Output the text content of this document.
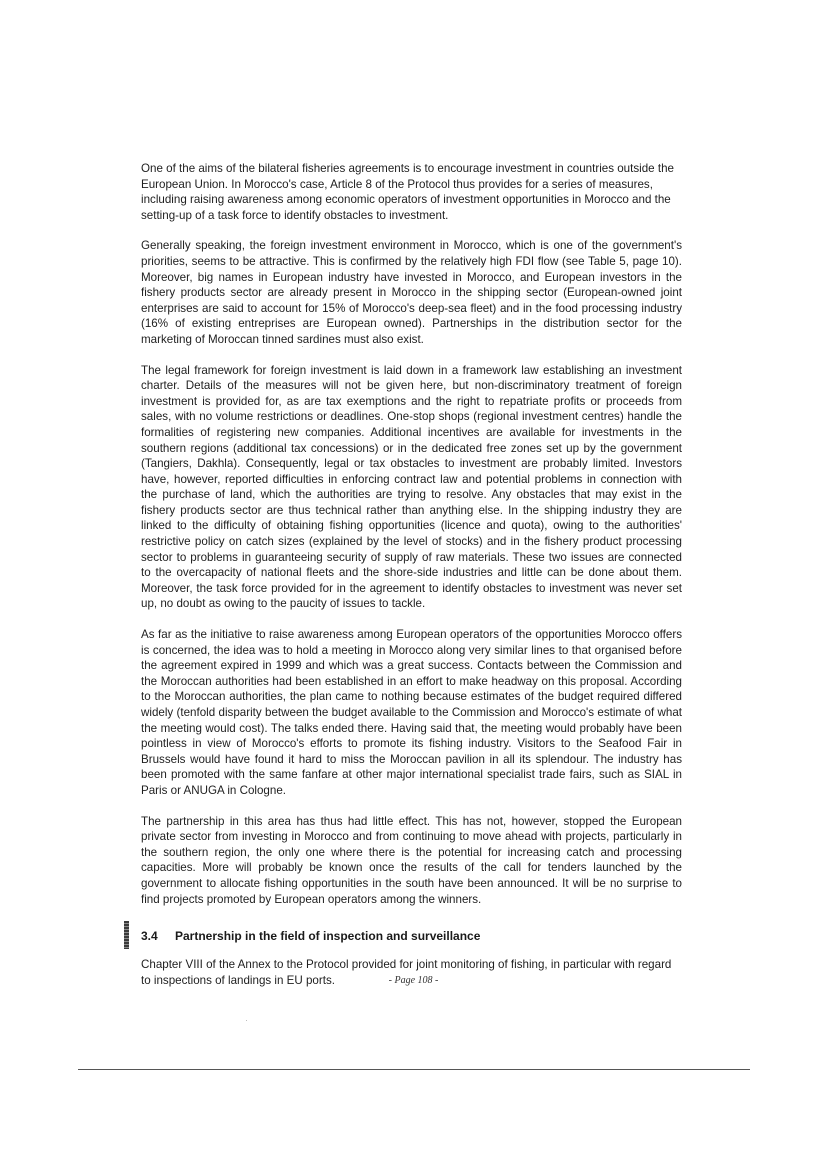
One of the aims of the bilateral fisheries agreements is to encourage investment in countries outside the European Union. In Morocco's case, Article 8 of the Protocol thus provides for a series of measures, including raising awareness among economic operators of investment opportunities in Morocco and the setting-up of a task force to identify obstacles to investment.

Generally speaking, the foreign investment environment in Morocco, which is one of the government's priorities, seems to be attractive. This is confirmed by the relatively high FDI flow (see Table 5, page 10). Moreover, big names in European industry have invested in Morocco, and European investors in the fishery products sector are already present in Morocco in the shipping sector (European-owned joint enterprises are said to account for 15% of Morocco's deep-sea fleet) and in the food processing industry (16% of existing entreprises are European owned). Partnerships in the distribution sector for the marketing of Moroccan tinned sardines must also exist.

The legal framework for foreign investment is laid down in a framework law establishing an investment charter. Details of the measures will not be given here, but non-discriminatory treatment of foreign investment is provided for, as are tax exemptions and the right to repatriate profits or proceeds from sales, with no volume restrictions or deadlines. One-stop shops (regional investment centres) handle the formalities of registering new companies. Additional incentives are available for investments in the southern regions (additional tax concessions) or in the dedicated free zones set up by the government (Tangiers, Dakhla). Consequently, legal or tax obstacles to investment are probably limited. Investors have, however, reported difficulties in enforcing contract law and potential problems in connection with the purchase of land, which the authorities are trying to resolve. Any obstacles that may exist in the fishery products sector are thus technical rather than anything else. In the shipping industry they are linked to the difficulty of obtaining fishing opportunities (licence and quota), owing to the authorities' restrictive policy on catch sizes (explained by the level of stocks) and in the fishery product processing sector to problems in guaranteeing security of supply of raw materials. These two issues are connected to the overcapacity of national fleets and the shore-side industries and little can be done about them. Moreover, the task force provided for in the agreement to identify obstacles to investment was never set up, no doubt as owing to the paucity of issues to tackle.

As far as the initiative to raise awareness among European operators of the opportunities Morocco offers is concerned, the idea was to hold a meeting in Morocco along very similar lines to that organised before the agreement expired in 1999 and which was a great success. Contacts between the Commission and the Moroccan authorities had been established in an effort to make headway on this proposal. According to the Moroccan authorities, the plan came to nothing because estimates of the budget required differed widely (tenfold disparity between the budget available to the Commission and Morocco's estimate of what the meeting would cost). The talks ended there. Having said that, the meeting would probably have been pointless in view of Morocco's efforts to promote its fishing industry. Visitors to the Seafood Fair in Brussels would have found it hard to miss the Moroccan pavilion in all its splendour. The industry has been promoted with the same fanfare at other major international specialist trade fairs, such as SIAL in Paris or ANUGA in Cologne.

The partnership in this area has thus had little effect. This has not, however, stopped the European private sector from investing in Morocco and from continuing to move ahead with projects, particularly in the southern region, the only one where there is the potential for increasing catch and processing capacities. More will probably be known once the results of the call for tenders launched by the government to allocate fishing opportunities in the south have been announced. It will be no surprise to find projects promoted by European operators among the winners.

3.4	Partnership in the field of inspection and surveillance

Chapter VIII of the Annex to the Protocol provided for joint monitoring of fishing, in particular with regard to inspections of landings in EU ports.	- Page 108 -
